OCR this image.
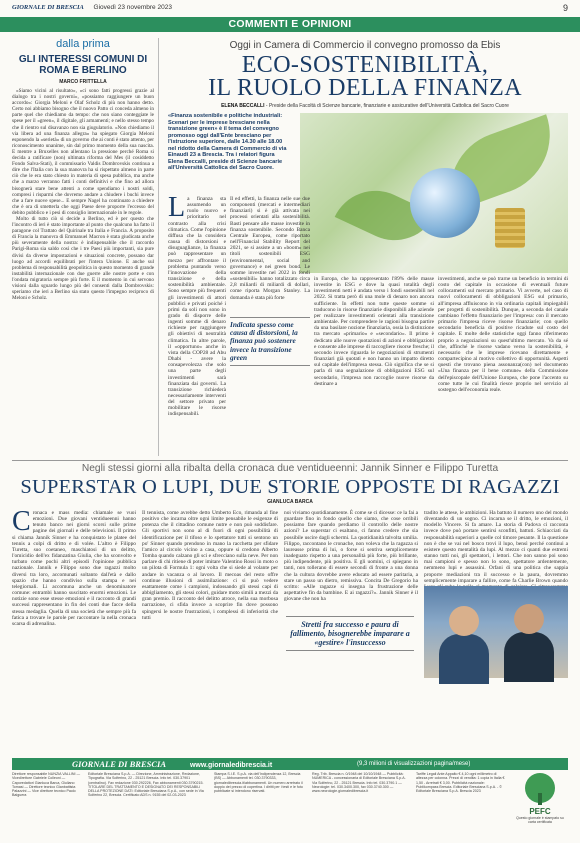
GIORNALE DI BRESCIA Giovedì 23 novembre 2023	9
COMMENTI E OPINIONI
dalla prima
GLI INTERESSI COMUNI DI ROMA E BERLINO
MARCO FRITTELLA

«Siamo vicini al risultato», «ci sono fatti progressi grazie al dialogo tra i nostri governi», «possiamo raggiungere un buon accordo»: Giorgia Meloni e Olaf Scholz di più non hanno detto. Certo noi abbiamo bisogno che il nuovo Patto ci conceda almeno in parte quel che chiediamo da tempo: che non siano conteggiate le spese per il «green», il digitale, gli armamenti; e nello stesso tempo che il rientro sul disavanzo non sia giugulatorio. «Non chiediamo il via libera ad una finanza allegra» ha spiegato Giorgia Meloni esponendo la «serietà» di un governo che ai conti è stato attento, per riconoscimento unanime, sin dal primo momento della sua nascita. E mentre a Bruxelles non allentano la pressione perché Roma si decida a ratificare (non) ultimata riforma del Mes (il cosiddetto Fondo Salva-Stati), il commissario Valdis Dombrovskis continua a dire che l'Italia con la sua manovra ha sì rispettato almeno in parte ciò che le era stato chiesto in materia di spesa pubblica, ma anche che a marzo verranno fatti i conti definitivi e che fino ad allora bisognerà stare bene attenti a come spendiamo i nostri soldi, compresi i risparmi che dovremo andare a chiudere i buchi invece che a fare nuove spese... E sempre Nagel ha continuato a chiedere che è ora di smetterla che oggi Paese deve proporre l'eccesso del debito pubblico e i pesi di consiglio internazionale in le regole.

Molto di tutto ciò si decide a Berlino, ed è per questo che l'incontro di ieri è stato importante al punto che qualcuno ha fatto il paragone col Trattato del Quirinale tra Italia e Francia. A proposito di Francia la manovra di Emmanuel Macron è stata giudicata anche più severamente della nostra: è indispensabile che il raccordo Parigi-Roma sia saldo così che i tre Paesi più importanti, sia pure divisi da diverse impostazioni e situazioni concrete, possano dar luogo ad accordi equilibrati per l'intera Unione. E anche sul problema di responsabilità geopolitica in questo momento di grande instabilità internazionale con due guerre alle nostre porte e con l'ondata migratoria sempre più forte. E il momento in cui servono visioni dalla sguardo lungo più del consenti dalla Dombrovskis: speriamo che ieri a Berlino sia stato questo l'impegno reciproco di Meloni e Scholz.

Oggi in Camera di Commercio il convegno promosso da Ebis
ECO-SOSTENIBILITÀ,
IL RUOLO DELLA FINANZA
ELENA BECCALLI - Preside della Facoltà di Scienze bancarie, finanziarie e assicurative dell'Università Cattolica del Sacro Cuore
«Finanza sostenibile e politiche industriali: Scenari per le imprese bresciane nella transizione green» è il tema del convegno promosso oggi dall'Ente bresciano per l'istruzione superiore, dalle 14.30 alle 18.00 nel ridotto della Camera di Commercio di via Einaudi 23 a Brescia. Tra i relatori figura Elena Beccalli, preside di Scienze bancarie all'Università Cattolica del Sacro Cuore.
L a finanza sta assumendo un ruolo nuovo e prioritario nel contrasto alla crisi climatica. Come l'opinione diffusa che la considera causa di distorsioni e disuguaglianze, la finanza può rappresentare un mezzo per affrontare il problema puntando verso l'innovazione della transizione e della sostenibilità ambientale. Sono sempre più frequenti gli investimenti di attori pubblici e privati poiché i primi da soli non sono in grado di disporre delle ingenti somme di denaro richieste per raggiungere gli obiettivi di neutralità climatica. In altre parole, il «opportuno» anche in vista della COP28 ad Abu Dhabi - avere la consapevolezza che solo una parte degli investimenti sarà finanziata dai governi. La transizione richiederà necessariamente interventi del settore privato per mobilitare le risorse indispensabili.
Il ed effetti, la finanza nelle sue due componenti (mercati e intermediari finanziari) si è già attivata nei processi orientati alla sostenibilità. Basti pensare alle masse investite in finanza sostenibile. Secondo Banca Centrale Europea, come riportato nell'Financial Stability Report del 2021, se si assiste a un «boom» nei titoli sostenibili ESG (environmental, social and governance) e nei green bond. Le somme investite nel 2022 in fondi «sostenibili» hanno totalizzato circa 2,8 miliardi di miliardi di dollari, come riporta Morgan Stanley. La domanda è stata più forte
Indicata spesso come causa di distorsioni, la finanza può sostenere invece la transizione green
in Europa, che ha rappresentato l'89% delle masse investite in ESG e dove la quasi totalità degli investimenti netti è andata verso i fondi sostenibili nel 2022. Si tratta però di una mole di denaro non ancora sufficiente. In effetti non tutte queste somme si traducono in risorse finanziarie disponibili alle aziende per realizzare investimenti orientati alla transizione ambientale. Per comprendere le ragioni bisogna partire da una basilare nozione finanziaria, ossia la distinzione tra mercato «primario» e «secondario». Il primo è dedicato alle nuove quotazioni di azioni e obbligazioni e consente alle imprese di raccogliere risorse fresche; il secondo invece riguarda le negoziazioni di strumenti finanziari già quotati e non hanno un impatto diretto sul capitale dell'impresa stessa. Ciò significa che se si parla di una segnalazione di obbligazioni ESG sul secondario, l'impresa non raccoglie nuove risorse da destinare a
investimenti, anche se può trarne un beneficio in termini di costo del capitale in occasione di eventuali future collocamenti sul mercato primario. Vi avverte, nel caso di nuovi collocamenti di obbligazioni ESG sul primario, all'impresa affluiscono in via ordinaria capitali impiegabili per progetti di sostenibilità. Dunque, a seconda del canale cambiano l'effetto finanziario per l'impresa: con il mercato primario l'impresa riceve risorse finanziarie; con quello secondario beneficia di positive ricadute sul costo del capitale. E molte delle statistiche oggi fanno riferimento proprio a negoziazioni su quest'ultimo mercato. Va da sé che, affinché le risorse vadano verso la sostenibilità, è necessario che le imprese ricevano direttamente e compartecipino al motivo collettivo di opportunità. Aspetti questi che trovano piena assonanza(con) nel documento «Una finanza per il bene comune» della Commissione dell'episcopale dell'Unione Europea, che pone l'accento su come tutte le cui finalità riesce proprio nel servizio al sostegno dell'economia reale.
Negli stessi giorni alla ribalta della cronaca due ventidueenni: Jannik Sinner e Filippo Turetta
SUPERSTAR O LUPI, DUE STORIE OPPOSTE DI RAGAZZI
GIANLUCA BARCA
C ronaca e mass media: chiamale se vuoi emozioni. Due giovani ventidueenni hanno tenuto banco nei giorni scorsi sulle prime pagine dei giornali e delle televisioni. Il primo si chiama Jannik Sinner e ha conquistato le platee del tennis a colpi di dritto e di volée. L'altro è Filippo Turetta, suo coetaneo, maschiatosi di un delitto, l'omicidio dell'ex fidanzatina Giulia, che ha sconvolto e turbato come pochi altri episodi l'opinione pubblica nazionale. Jannik e Filippo sono due ragazzi molto diversi tra loro, accomunati soltanto dall'età e dallo spazio che hanno condiviso sulla stampa e nei telegiornali. Li accomuna anche un denominatore comune: entrambi hanno suscitato enormi emozioni. Le notizie sono esse stesse emozioni e il racconto di grandi successi rappresentano in fin dei conti due facce della stessa medaglia. Quella di una società che sempre più fa fatica a trovare le parole per raccontare la nella cronaca scarsa di adrenalina.
Il tennista, come avrebbe detto Umberto Eco, rimanda al fine positivo che incarna oltre ogni limite pensabile le esigenze di potenza che il cittadino comune nutre e non può soddisfare. Gli sportivi non sono al di fuori di ogni possibilità di identificazione per il tifoso e lo spettatore tutti si sentono un po' Sinner quando prendono in mano la racchetta per sfidare l'amico al circolo vicino a casa, oppure si credono Alberto Tomba quando calzano gli sci e sfrecciano sulla neve. Per non parlare di chi ritiene di poter imitare Valentino Rossi in moto o un pilota di Formula 1: ogni volta che si siede al volante per andare in vacanza o al lavoro. Il mecoas del resto offre continue illusioni di assimilazione: ci si può vedere esattamente come i campioni, indossando gli stessi capi di abbigliamento, gli stessi colori, guidare moto simili a mezzi da gran premio. Il racconto del delitto atroce, nella sua morbosa narrazione, ci sfida invece a scoprire fin dove possono spingersi le nostre frustrazioni, i complessi di inferiorità che tutti
noi viviamo quotidianamente. È come se ci dicesse: ce la fai a guardare fino in fondo quello che siamo, che cose orribili possiamo fare quando perdiamo il controllo delle nostre azioni? Le superstar ci esaltano, ci fanno credere che sia possibile uscire dagli schermi. La quotidianità talvolta umilia. Filippo, raccontano le cronache, non voleva che la ragazza si laureasse prima di lui, o forse si sentiva semplicemente inadeguato rispetto a una personalità più forte, più brillante, più indipendente, più positiva. E gli uomini, ci spiegano in tanti, non tollerano di essere secondi di fronte a una donna che la cultura dovrebbe avere educato ad essere paritaria, a stare un passo un dietro, remissiva. Concita De Gregorio ha scritto: «Alle ragazze si insegna la frustrazione delle aspettative fin da bambine. E ai ragazzi?». Jannik Sinner è il giovane che non ha
Stretti fra successo e paura di fallimento, bisognerebbe imparare a «gestire» l'insuccesso
tradito le attese, le ambizioni. Ha battuto il numero uno del mondo diventando di un sogno. Ci incarna se il dritto, le emozioni, il modello Vincere. Si fa amare. La storia di Padova ci racconta invece dove può portare sentirsi sconfitti, battuti. Schiacciati da responsabilità superiori a quelle col timore pesante. Il la questione non è che se vai nel bosco trovi il lupo, bensì perché continui a esistere questo mentalità da lupi. Al mezzo ci quanti due estremi stanno tutti noi, gli spettatori, i lettori. Che non sanno poi sono mai campioni e spesso non lo sono, spettatore ardentemente, nemmeno lupi e assassini. Orfani di una politica che sappia proporre mediazioni tra il successo e la paura, dovremmo semplicemente imparare a fallire, come fa Charlie Brown quando
GIORNALE DI BRESCIA	www.giornaledibrescia.it	(9,3 milioni di visualizzazioni pagina/mese)
Direttore responsabile NUNZIA VALLINI — Vicedirettore Gabriele Colleoni — Caporedattori Gianluca Barca, Giuliano Tomasi — Direttore tecnico Gianbattista Palazzini — Vice direttore tecnico Paolo Baiguera
Editoriale Bresciana S.p.A. — Direzione, Amministrazione, Redazione, Tipografia. Via Solferino, 22 - 25121 Brescia. Info tel. 030.37901 (centralino). Fax redazione 030.292226, Fax abbonamenti 030.3790215. TITOLARE DEL TRATTAMENTO E DESIGNATO DEI RESPONSABILI DELLA PROTEZIONE DATI: Editoriale Bresciana S.p.A., con sede in Via Solferino 22, Brescia. Certificato ADS n. 9155 del 02-03-2023
Stampa S.I.E. S.p.A. via dell'Indipendenza 12, Brescia (BS) — Abbonamenti tel. 030.3790333, giornaledibrescia.it/abbonamenti. Un numero arretrato il doppio del prezzo di copertina. I diritti per i testi e le foto pubblicate si intendono riservati.
Reg. Trib. Brescia n. 0/1948 del 10/10/1948 — Pubblicità: NUMERICA - concessionaria di Editoriale Bresciana S.p.A. Via Solferino, 22 - 25121 Brescia. Info tel. 030.3790.1 — Necrologie: tel. 030.3400.300, fax 030.3740.300 — www.necrologie.giornaledibrescia.it
Tariffe Legali Ante Appalto € 4,10 ogni millimetro di altezza per colonna. Prezzi di vendita: 1 copia in Italia € 1,50 - Arretrati € 3,00. Pubblicità nazionale: Publikompass Brescia. Editoriale Bresciana S.p.A. - © Editoriale Bresciana S.p.A. Brescia 2023
PEFC
Questo giornale è stampato su carta certificata
